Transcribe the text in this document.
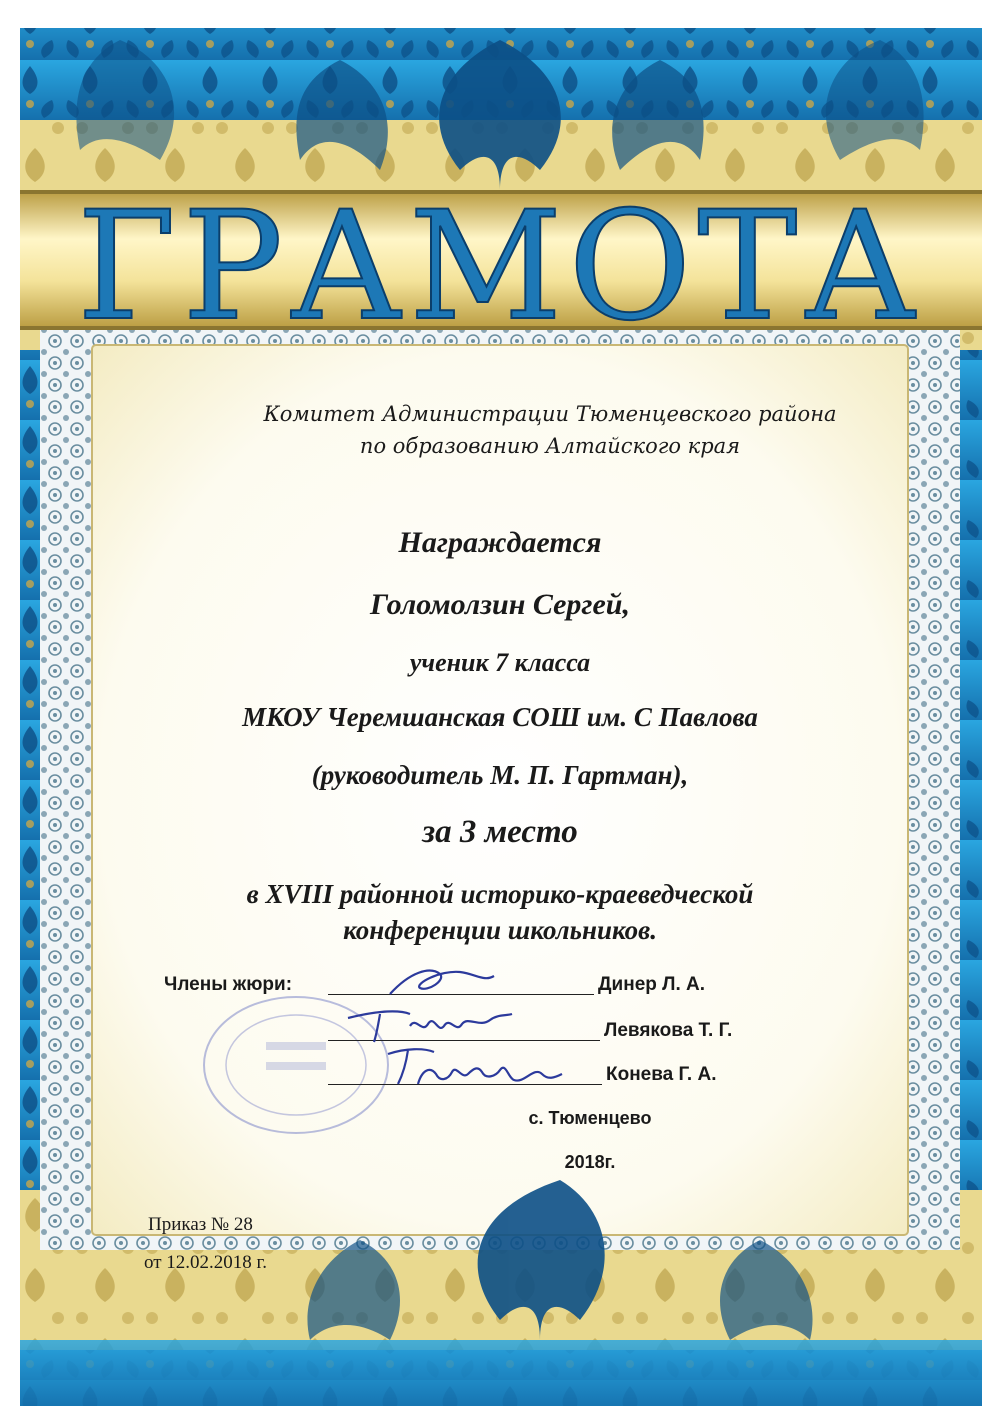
ГРАМОТА
Комитет Администрации Тюменцевского района
по образованию Алтайского края
Награждается
Голомолзин Сергей,
ученик 7 класса
МКОУ Черемшанская СОШ им. С Павлова
(руководитель М. П. Гартман),
за 3 место
в XVIII районной историко-краеведческой
конференции школьников.
Члены жюри:	Динер Л. А.
Левякова Т. Г.
Конева Г. А.
с. Тюменцево
2018г.
Приказ № 28
от 12.02.2018 г.
